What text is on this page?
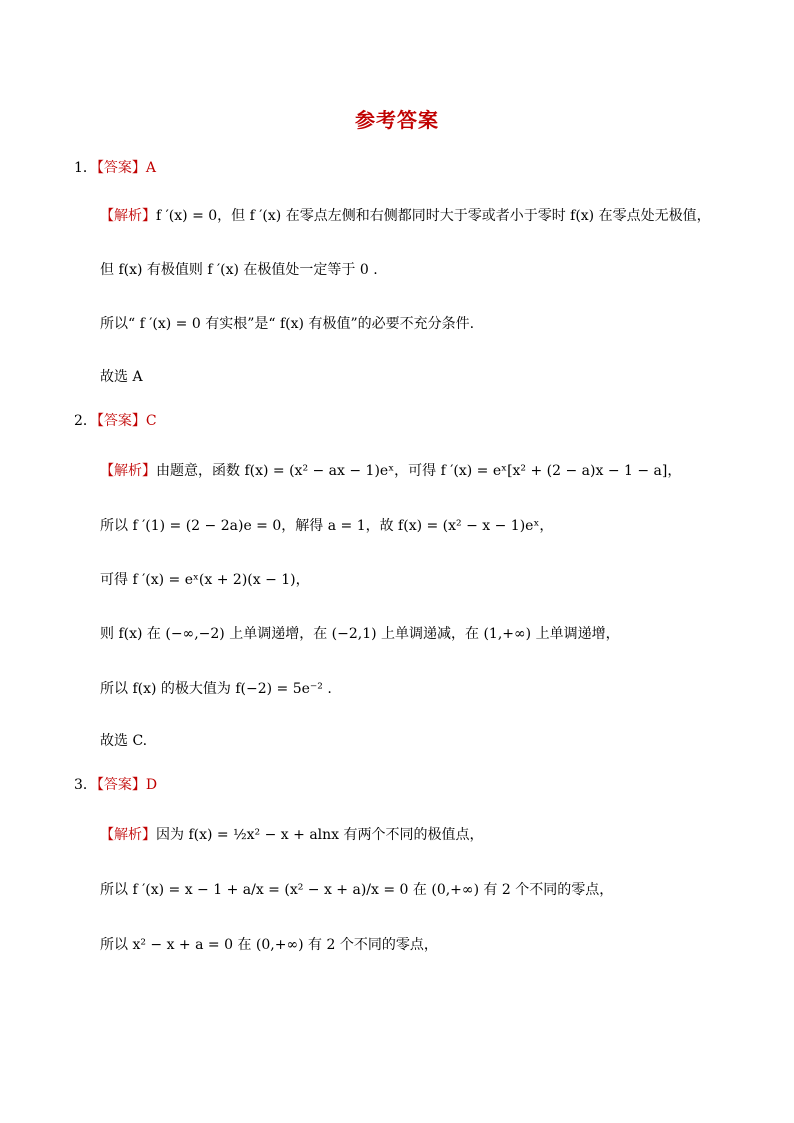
参考答案
1．【答案】A
【解析】f ′(x) = 0，但 f ′(x) 在零点左侧和右侧都同时大于零或者小于零时 f(x) 在零点处无极值，
但 f(x) 有极值则 f ′(x) 在极值处一定等于 0 .
所以“ f ′(x) = 0 有实根”是“ f(x) 有极值”的必要不充分条件.
故选 A
2．【答案】C
【解析】由题意，函数 f(x) = (x² − ax − 1)eˣ，可得 f ′(x) = eˣ[x² + (2 − a)x − 1 − a]，
所以 f ′(1) = (2 − 2a)e = 0，解得 a = 1，故 f(x) = (x² − x − 1)eˣ，
可得 f ′(x) = eˣ(x + 2)(x − 1)，
则 f(x) 在 (−∞,−2) 上单调递增，在 (−2,1) 上单调递减，在 (1,+∞) 上单调递增，
所以 f(x) 的极大值为 f(−2) = 5e⁻² .
故选 C.
3．【答案】D
【解析】因为 f(x) = ½x² − x + alnx 有两个不同的极值点，
所以 f ′(x) = x − 1 + a/x = (x² − x + a)/x = 0 在 (0,+∞) 有 2 个不同的零点，
所以 x² − x + a = 0 在 (0,+∞) 有 2 个不同的零点，
